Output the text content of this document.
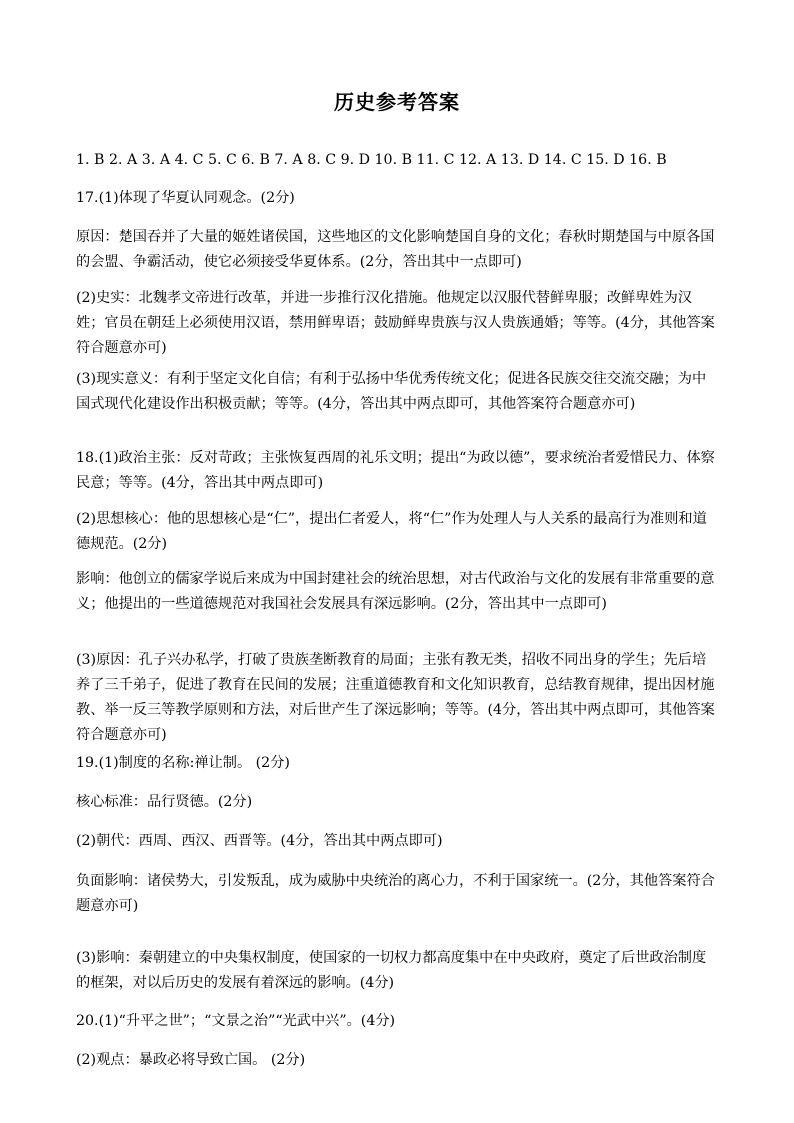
历史参考答案

1. B 2. A 3. A 4. C 5. C 6. B 7. A 8. C 9. D 10. B 11. C 12. A 13. D 14. C 15. D 16. B

17.(1)体现了华夏认同观念。(2分)

原因：楚国吞并了大量的姬姓诸侯国，这些地区的文化影响楚国自身的文化；春秋时期楚国与中原各国的会盟、争霸活动，使它必须接受华夏体系。(2分，答出其中一点即可)

(2)史实：北魏孝文帝进行改革，并进一步推行汉化措施。他规定以汉服代替鲜卑服；改鲜卑姓为汉姓；官员在朝廷上必须使用汉语，禁用鲜卑语；鼓励鲜卑贵族与汉人贵族通婚；等等。(4分，其他答案符合题意亦可)

(3)现实意义：有利于坚定文化自信；有利于弘扬中华优秀传统文化；促进各民族交往交流交融；为中国式现代化建设作出积极贡献；等等。(4分，答出其中两点即可，其他答案符合题意亦可)

18.(1)政治主张：反对苛政；主张恢复西周的礼乐文明；提出“为政以德”，要求统治者爱惜民力、体察民意；等等。(4分，答出其中两点即可)

(2)思想核心：他的思想核心是“仁”，提出仁者爱人，将“仁”作为处理人与人关系的最高行为准则和道德规范。(2分)

影响：他创立的儒家学说后来成为中国封建社会的统治思想，对古代政治与文化的发展有非常重要的意义；他提出的一些道德规范对我国社会发展具有深远影响。(2分，答出其中一点即可)

(3)原因：孔子兴办私学，打破了贵族垄断教育的局面；主张有教无类，招收不同出身的学生；先后培养了三千弟子，促进了教育在民间的发展；注重道德教育和文化知识教育，总结教育规律，提出因材施教、举一反三等教学原则和方法，对后世产生了深远影响；等等。(4分，答出其中两点即可，其他答案符合题意亦可)

19.(1)制度的名称:禅让制。 (2分)

核心标准：品行贤德。(2分)

(2)朝代：西周、西汉、西晋等。(4分，答出其中两点即可)

负面影响：诸侯势大，引发叛乱，成为威胁中央统治的离心力，不利于国家统一。(2分，其他答案符合题意亦可)

(3)影响：秦朝建立的中央集权制度，使国家的一切权力都高度集中在中央政府，奠定了后世政治制度的框架，对以后历史的发展有着深远的影响。(4分)

20.(1)“升平之世”；“文景之治”“光武中兴”。(4分)

(2)观点：暴政必将导致亡国。 (2分)
